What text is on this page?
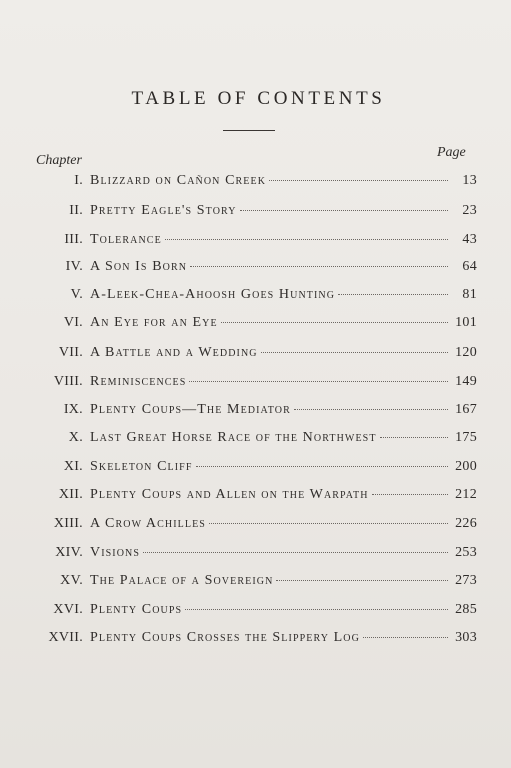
TABLE OF CONTENTS
Chapter
Page
I. Blizzard on Cañon Creek	13
II. Pretty Eagle's Story	23
III. Tolerance	43
IV. A Son Is Born	64
V. A-Leek-Chea-Ahoosh Goes Hunting	81
VI. An Eye for an Eye	101
VII. A Battle and a Wedding	120
VIII. Reminiscences	149
IX. Plenty Coups—The Mediator	167
X. Last Great Horse Race of the Northwest	175
XI. Skeleton Cliff	200
XII. Plenty Coups and Allen on the Warpath	212
XIII. A Crow Achilles	226
XIV. Visions	253
XV. The Palace of a Sovereign	273
XVI. Plenty Coups	285
XVII. Plenty Coups Crosses the Slippery Log	303
